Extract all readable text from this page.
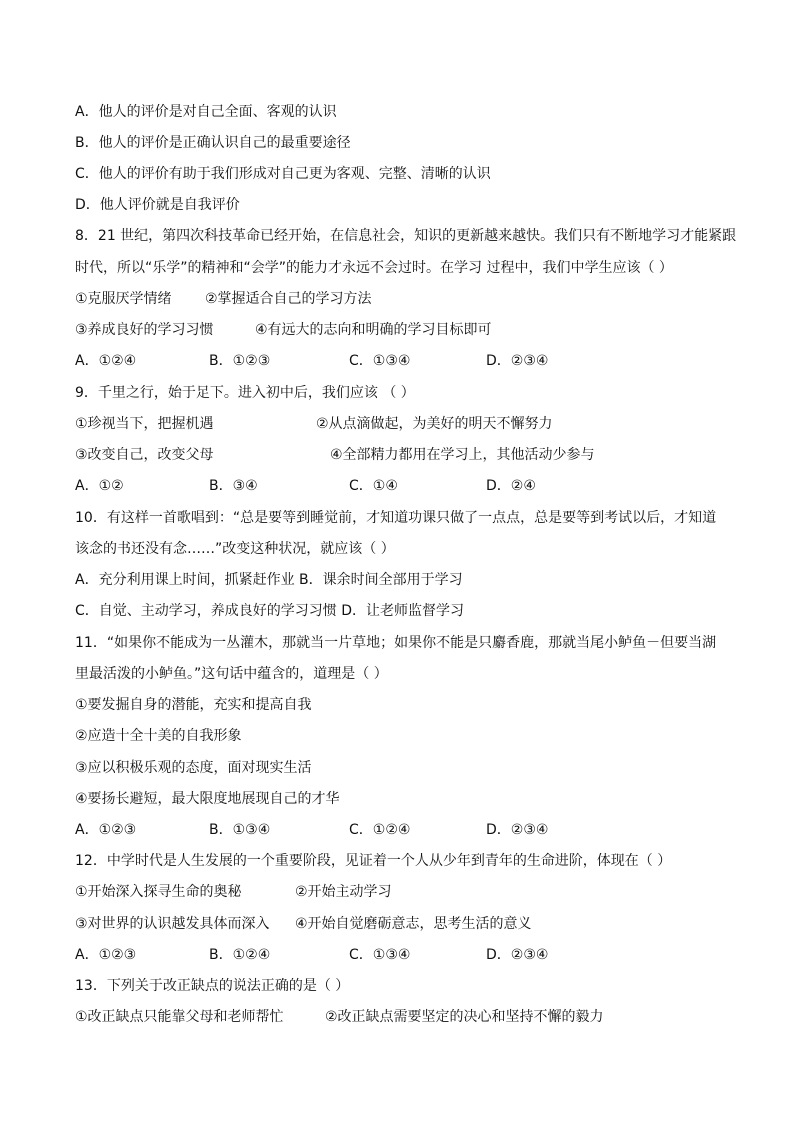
A．他人的评价是对自己全面、客观的认识
B．他人的评价是正确认识自己的最重要途径
C．他人的评价有助于我们形成对自己更为客观、完整、清晰的认识
D．他人评价就是自我评价
8．21 世纪，第四次科技革命已经开始，在信息社会，知识的更新越来越快。我们只有不断地学习才能紧跟
时代，所以“乐学”的精神和“会学”的能力才永远不会过时。在学习 过程中，我们中学生应该（ ）
①克服厌学情绪 ②掌握适合自己的学习方法
③养成良好的学习习惯	④有远大的志向和明确的学习目标即可
A．①②④	B．①②③	C．①③④	D．②③④
9．千里之行，始于足下。进入初中后，我们应该 （ ）
①珍视当下，把握机遇	②从点滴做起，为美好的明天不懈努力
③改变自己，改变父母	④全部精力都用在学习上，其他活动少参与
A．①②	B．③④	C．①④	D．②④
10．有这样一首歌唱到：“总是要等到睡觉前，才知道功课只做了一点点，总是要等到考试以后，才知道
该念的书还没有念……”改变这种状况，就应该（ ）
A．充分利用课上时间，抓紧赶作业 B．课余时间全部用于学习
C．自觉、主动学习，养成良好的学习习惯 D．让老师监督学习
11．“如果你不能成为一丛灌木，那就当一片草地；如果你不能是只麝香鹿，那就当尾小鲈鱼－但要当湖
里最活泼的小鲈鱼。”这句话中蕴含的，道理是（ ）
①要发掘自身的潜能，充实和提高自我
②应造十全十美的自我形象
③应以积极乐观的态度，面对现实生活
④要扬长避短，最大限度地展现自己的才华
A．①②③	B．①③④	C．①②④	D．②③④
12．中学时代是人生发展的一个重要阶段，见证着一个人从少年到青年的生命进阶，体现在（ ）
①开始深入探寻生命的奥秘	②开始主动学习
③对世界的认识越发具体而深入 ④开始自觉磨砺意志，思考生活的意义
A．①②③	B．①②④	C．①③④	D．②③④
13．下列关于改正缺点的说法正确的是（ ）
①改正缺点只能靠父母和老师帮忙	②改正缺点需要坚定的决心和坚持不懈的毅力
